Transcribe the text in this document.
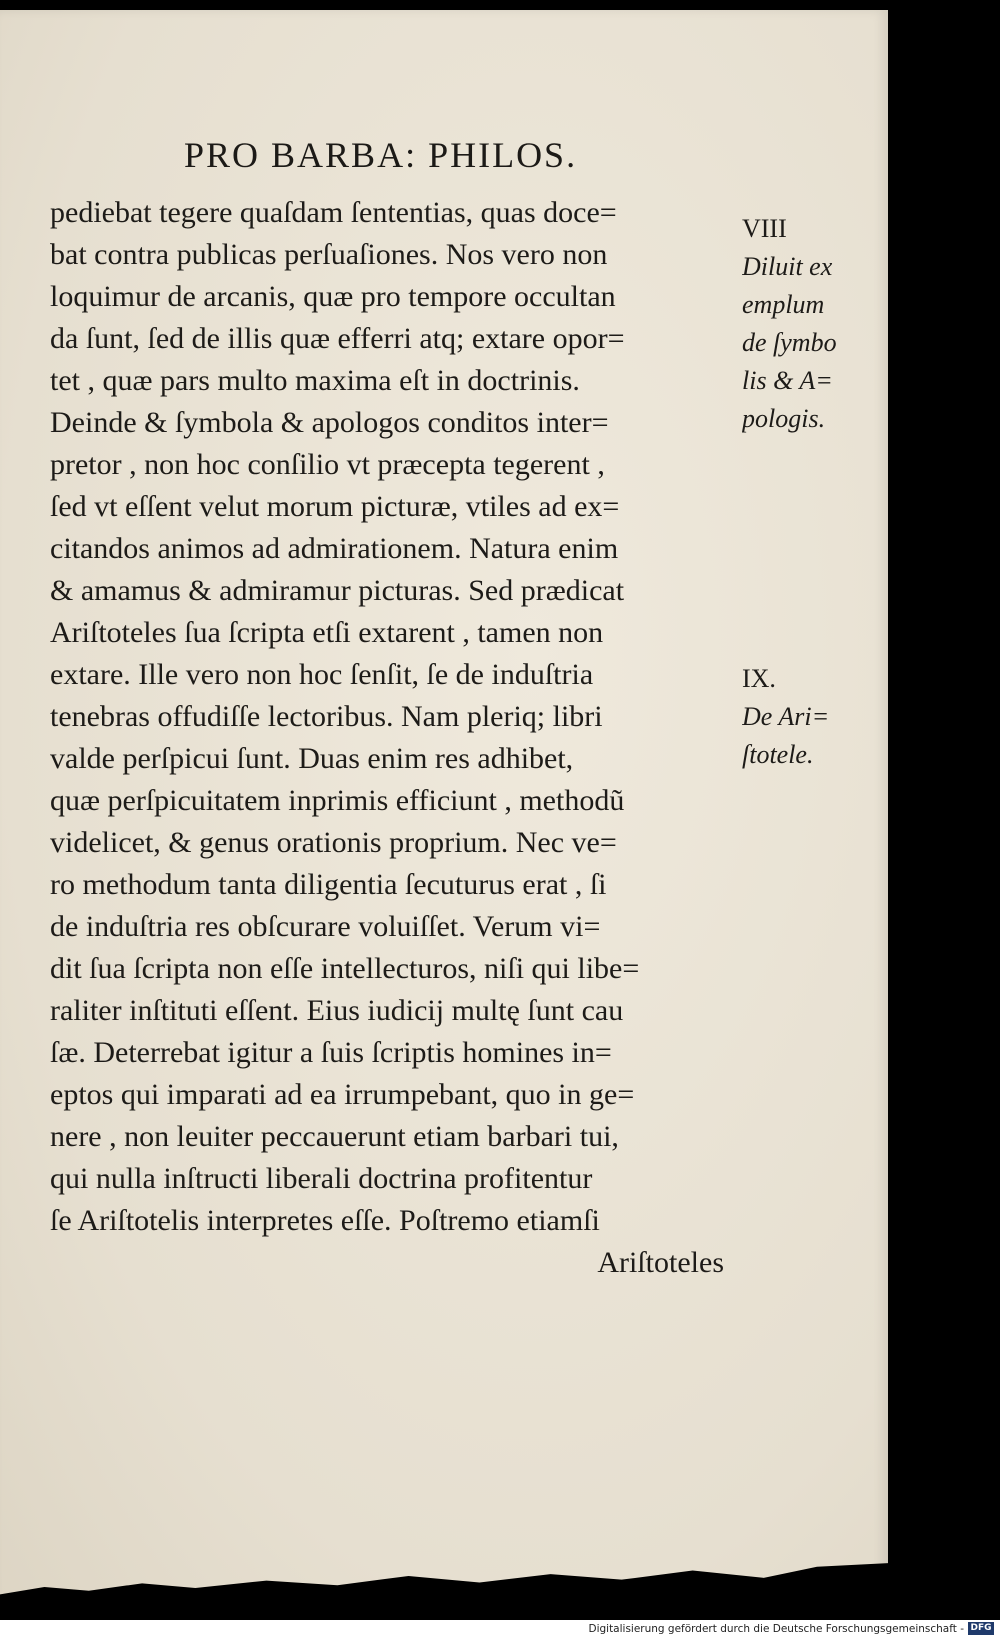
PRO BARBA: PHILOS.
pediebat tegere quaſdam ſententias, quas doce=
bat contra publicas perſuaſiones. Nos vero non
loquimur de arcanis, quæ pro tempore occultan
da ſunt, ſed de illis quæ efferri atq; extare opor=
tet , quæ pars multo maxima eſt in doctrinis.
Deinde & ſymbola & apologos conditos inter=
pretor , non hoc conſilio vt præcepta tegerent ,
ſed vt eſſent velut morum picturæ, vtiles ad ex=
citandos animos ad admirationem. Natura enim
& amamus & admiramur picturas. Sed prædicat
Ariſtoteles ſua ſcripta etſi extarent , tamen non
extare. Ille vero non hoc ſenſit, ſe de induſtria
tenebras offudiſſe lectoribus. Nam pleriq; libri
valde perſpicui ſunt. Duas enim res adhibet,
quæ perſpicuitatem inprimis efficiunt , methodũ
videlicet, & genus orationis proprium. Nec ve=
ro methodum tanta diligentia ſecuturus erat , ſi
de induſtria res obſcurare voluiſſet. Verum vi=
dit ſua ſcripta non eſſe intellecturos, niſi qui libe=
raliter inſtituti eſſent. Eius iudicij multę ſunt cau
ſæ. Deterrebat igitur a ſuis ſcriptis homines in=
eptos qui imparati ad ea irrumpebant, quo in ge=
nere , non leuiter peccauerunt etiam barbari tui,
qui nulla inſtructi liberali doctrina profitentur
ſe Ariſtotelis interpretes eſſe. Poſtremo etiamſi
Ariſtoteles
VIII
Diluit ex
emplum
de ſymbo
lis & A=
pologis.
IX.
De Ari=
ſtotele.
Digitalisierung gefördert durch die Deutsche Forschungsgemeinschaft - DFG
